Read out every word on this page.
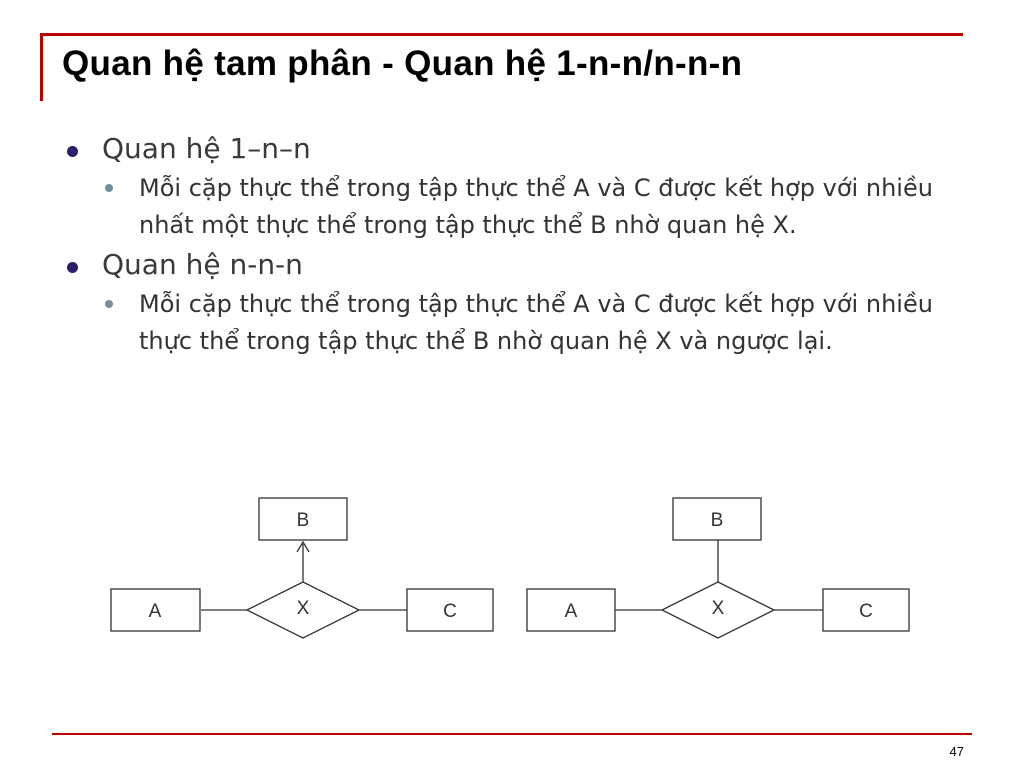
Quan hệ tam phân - Quan hệ 1-n-n/n-n-n
Quan hệ 1–n–n
Mỗi cặp thực thể trong tập thực thể A và C được kết hợp với nhiều nhất một thực thể trong tập thực thể B nhờ quan hệ X.
Quan hệ n-n-n
Mỗi cặp thực thể trong tập thực thể A và C được kết hợp với nhiều thực thể trong tập thực thể B nhờ quan hệ X và ngược lại.
A
B
C
X	A
B
C
X
47
